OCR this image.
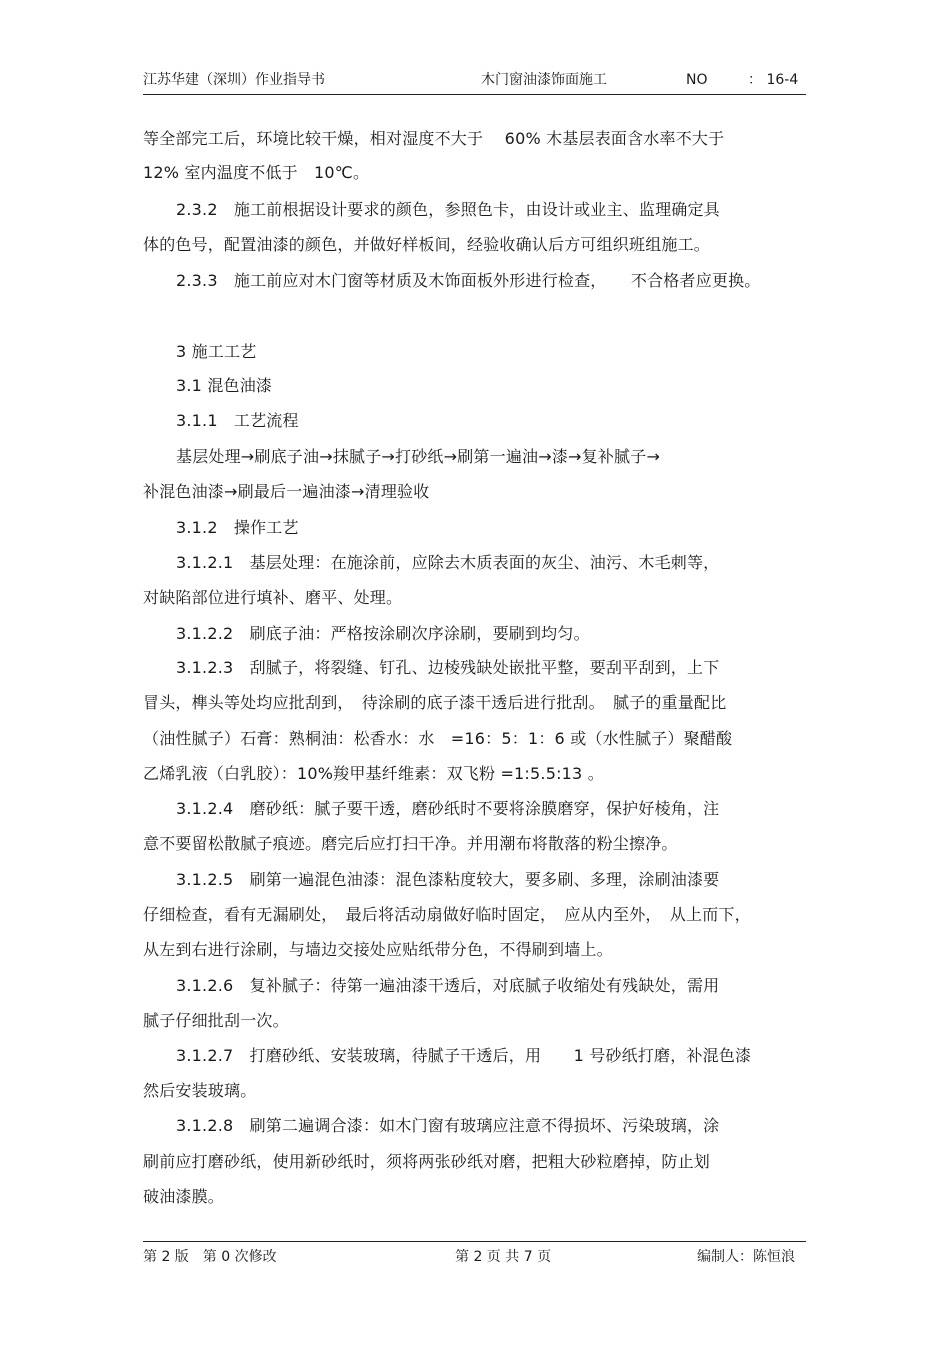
江苏华建（深圳）作业指导书	木门窗油漆饰面施工	NO	： 16-4
等全部完工后，环境比较干燥，相对湿度不大于　 60% 木基层表面含水率不大于
12% 室内温度不低于　10℃。
2.3.2　施工前根据设计要求的颜色，参照色卡，由设计或业主、监理确定具
体的色号，配置油漆的颜色，并做好样板间，经验收确认后方可组织班组施工。
2.3.3　施工前应对木门窗等材质及木饰面板外形进行检查，　　不合格者应更换。
3 施工工艺
3.1 混色油漆
3.1.1　工艺流程
基层处理→刷底子油→抹腻子→打砂纸→刷第一遍油→漆→复补腻子→
补混色油漆→刷最后一遍油漆→清理验收
3.1.2　操作工艺
3.1.2.1　基层处理：在施涂前，应除去木质表面的灰尘、油污、木毛刺等，
对缺陷部位进行填补、磨平、处理。
3.1.2.2　刷底子油：严格按涂刷次序涂刷，要刷到均匀。
3.1.2.3　刮腻子，将裂缝、钉孔、边棱残缺处嵌批平整，要刮平刮到，上下
冒头，榫头等处均应批刮到，　待涂刷的底子漆干透后进行批刮。　腻子的重量配比
（油性腻子）石膏：熟桐油：松香水：水　=16：5：1：6 或（水性腻子）聚醋酸
乙烯乳液（白乳胶）：10%羧甲基纤维素：双飞粉 =1:5.5:13 。
3.1.2.4　磨砂纸：腻子要干透，磨砂纸时不要将涂膜磨穿，保护好棱角，注
意不要留松散腻子痕迹。磨完后应打扫干净。并用潮布将散落的粉尘擦净。
3.1.2.5　刷第一遍混色油漆：混色漆粘度较大，要多刷、多理，涂刷油漆要
仔细检查，看有无漏刷处，　最后将活动扇做好临时固定，　应从内至外，　从上而下，
从左到右进行涂刷，与墙边交接处应贴纸带分色，不得刷到墙上。
3.1.2.6　复补腻子：待第一遍油漆干透后，对底腻子收缩处有残缺处，需用
腻子仔细批刮一次。
3.1.2.7　打磨砂纸、安装玻璃，待腻子干透后，用　　1 号砂纸打磨，补混色漆
然后安装玻璃。
3.1.2.8　刷第二遍调合漆：如木门窗有玻璃应注意不得损坏、污染玻璃，涂
刷前应打磨砂纸，使用新砂纸时，须将两张砂纸对磨，把粗大砂粒磨掉，防止划
破油漆膜。
第 2 版　第 0 次修改	第 2 页 共 7 页	编制人：陈恒浪
